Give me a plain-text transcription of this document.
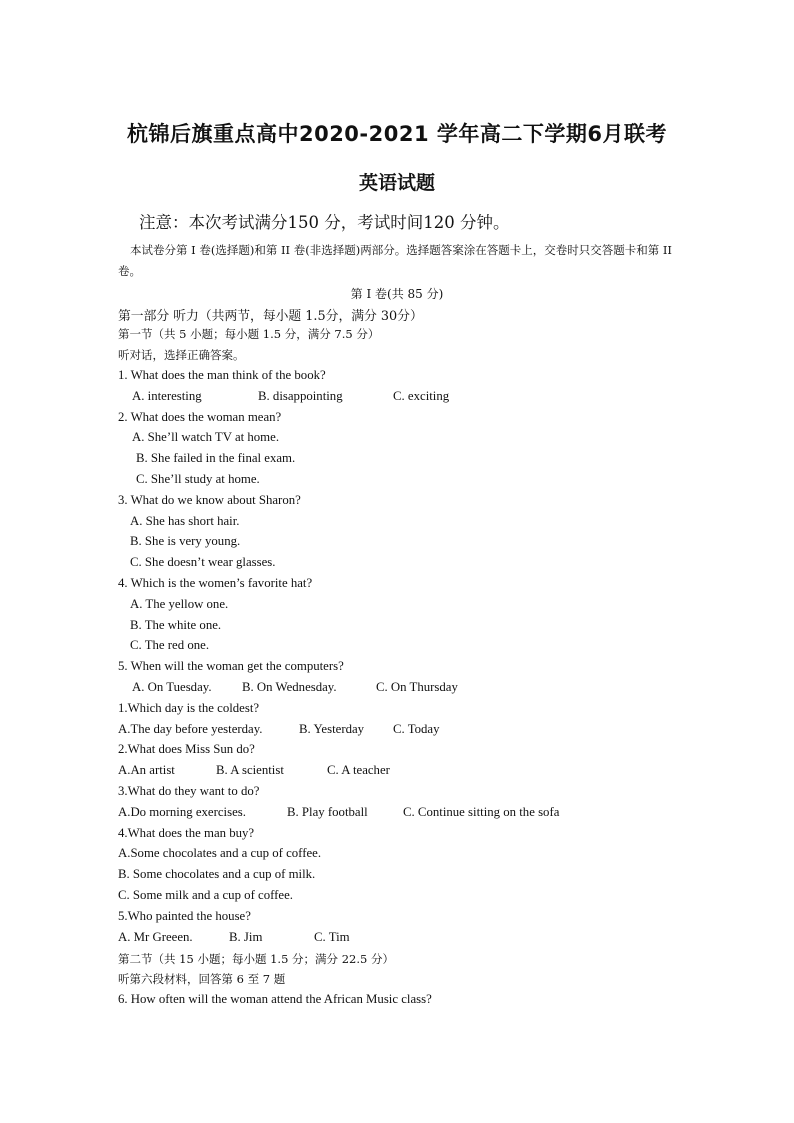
杭锦后旗重点高中2020-2021 学年高二下学期6月联考
英语试题
注意：本次考试满分150 分，考试时间120 分钟。
本试卷分第 I 卷(选择题)和第 II 卷(非选择题)两部分。选择题答案涂在答题卡上，交卷时只交答题卡和第 II 卷。
第 I 卷(共 85 分)
第一部分 听力（共两节，每小题 1.5分，满分 30分）
第一节（共 5 小题；每小题 1.5 分，满分 7.5 分）
听对话，选择正确答案。
1. What does the man think of the book?
A. interesting	B. disappointing	C. exciting
2. What does the woman mean?
A. She’ll watch TV at home.
B. She failed in the final exam.
C. She’ll study at home.
3. What do we know about Sharon?
A. She has short hair.
B. She is very young.
C. She doesn’t wear glasses.
4. Which is the women’s favorite hat?
A. The yellow one.
B. The white one.
C. The red one.
5. When will the woman get the computers?
A. On Tuesday. B. On Wednesday.	C. On Thursday
1.Which day is the coldest?
A.The day before yesterday.	B. Yesterday C. Today
2.What does Miss Sun do?
A.An artist	B. A scientist	C. A teacher
3.What do they want to do?
A.Do morning exercises.	B. Play football	C. Continue sitting on the sofa
4.What does the man buy?
A.Some chocolates and a cup of coffee.
B. Some chocolates and a cup of milk.
C. Some milk and a cup of coffee.
5.Who painted the house?
A. Mr Greeen.	B. Jim	C. Tim
第二节（共 15 小题；每小题 1.5 分；满分 22.5 分）
听第六段材料，回答第 6 至 7 题
6. How often will the woman attend the African Music class?
